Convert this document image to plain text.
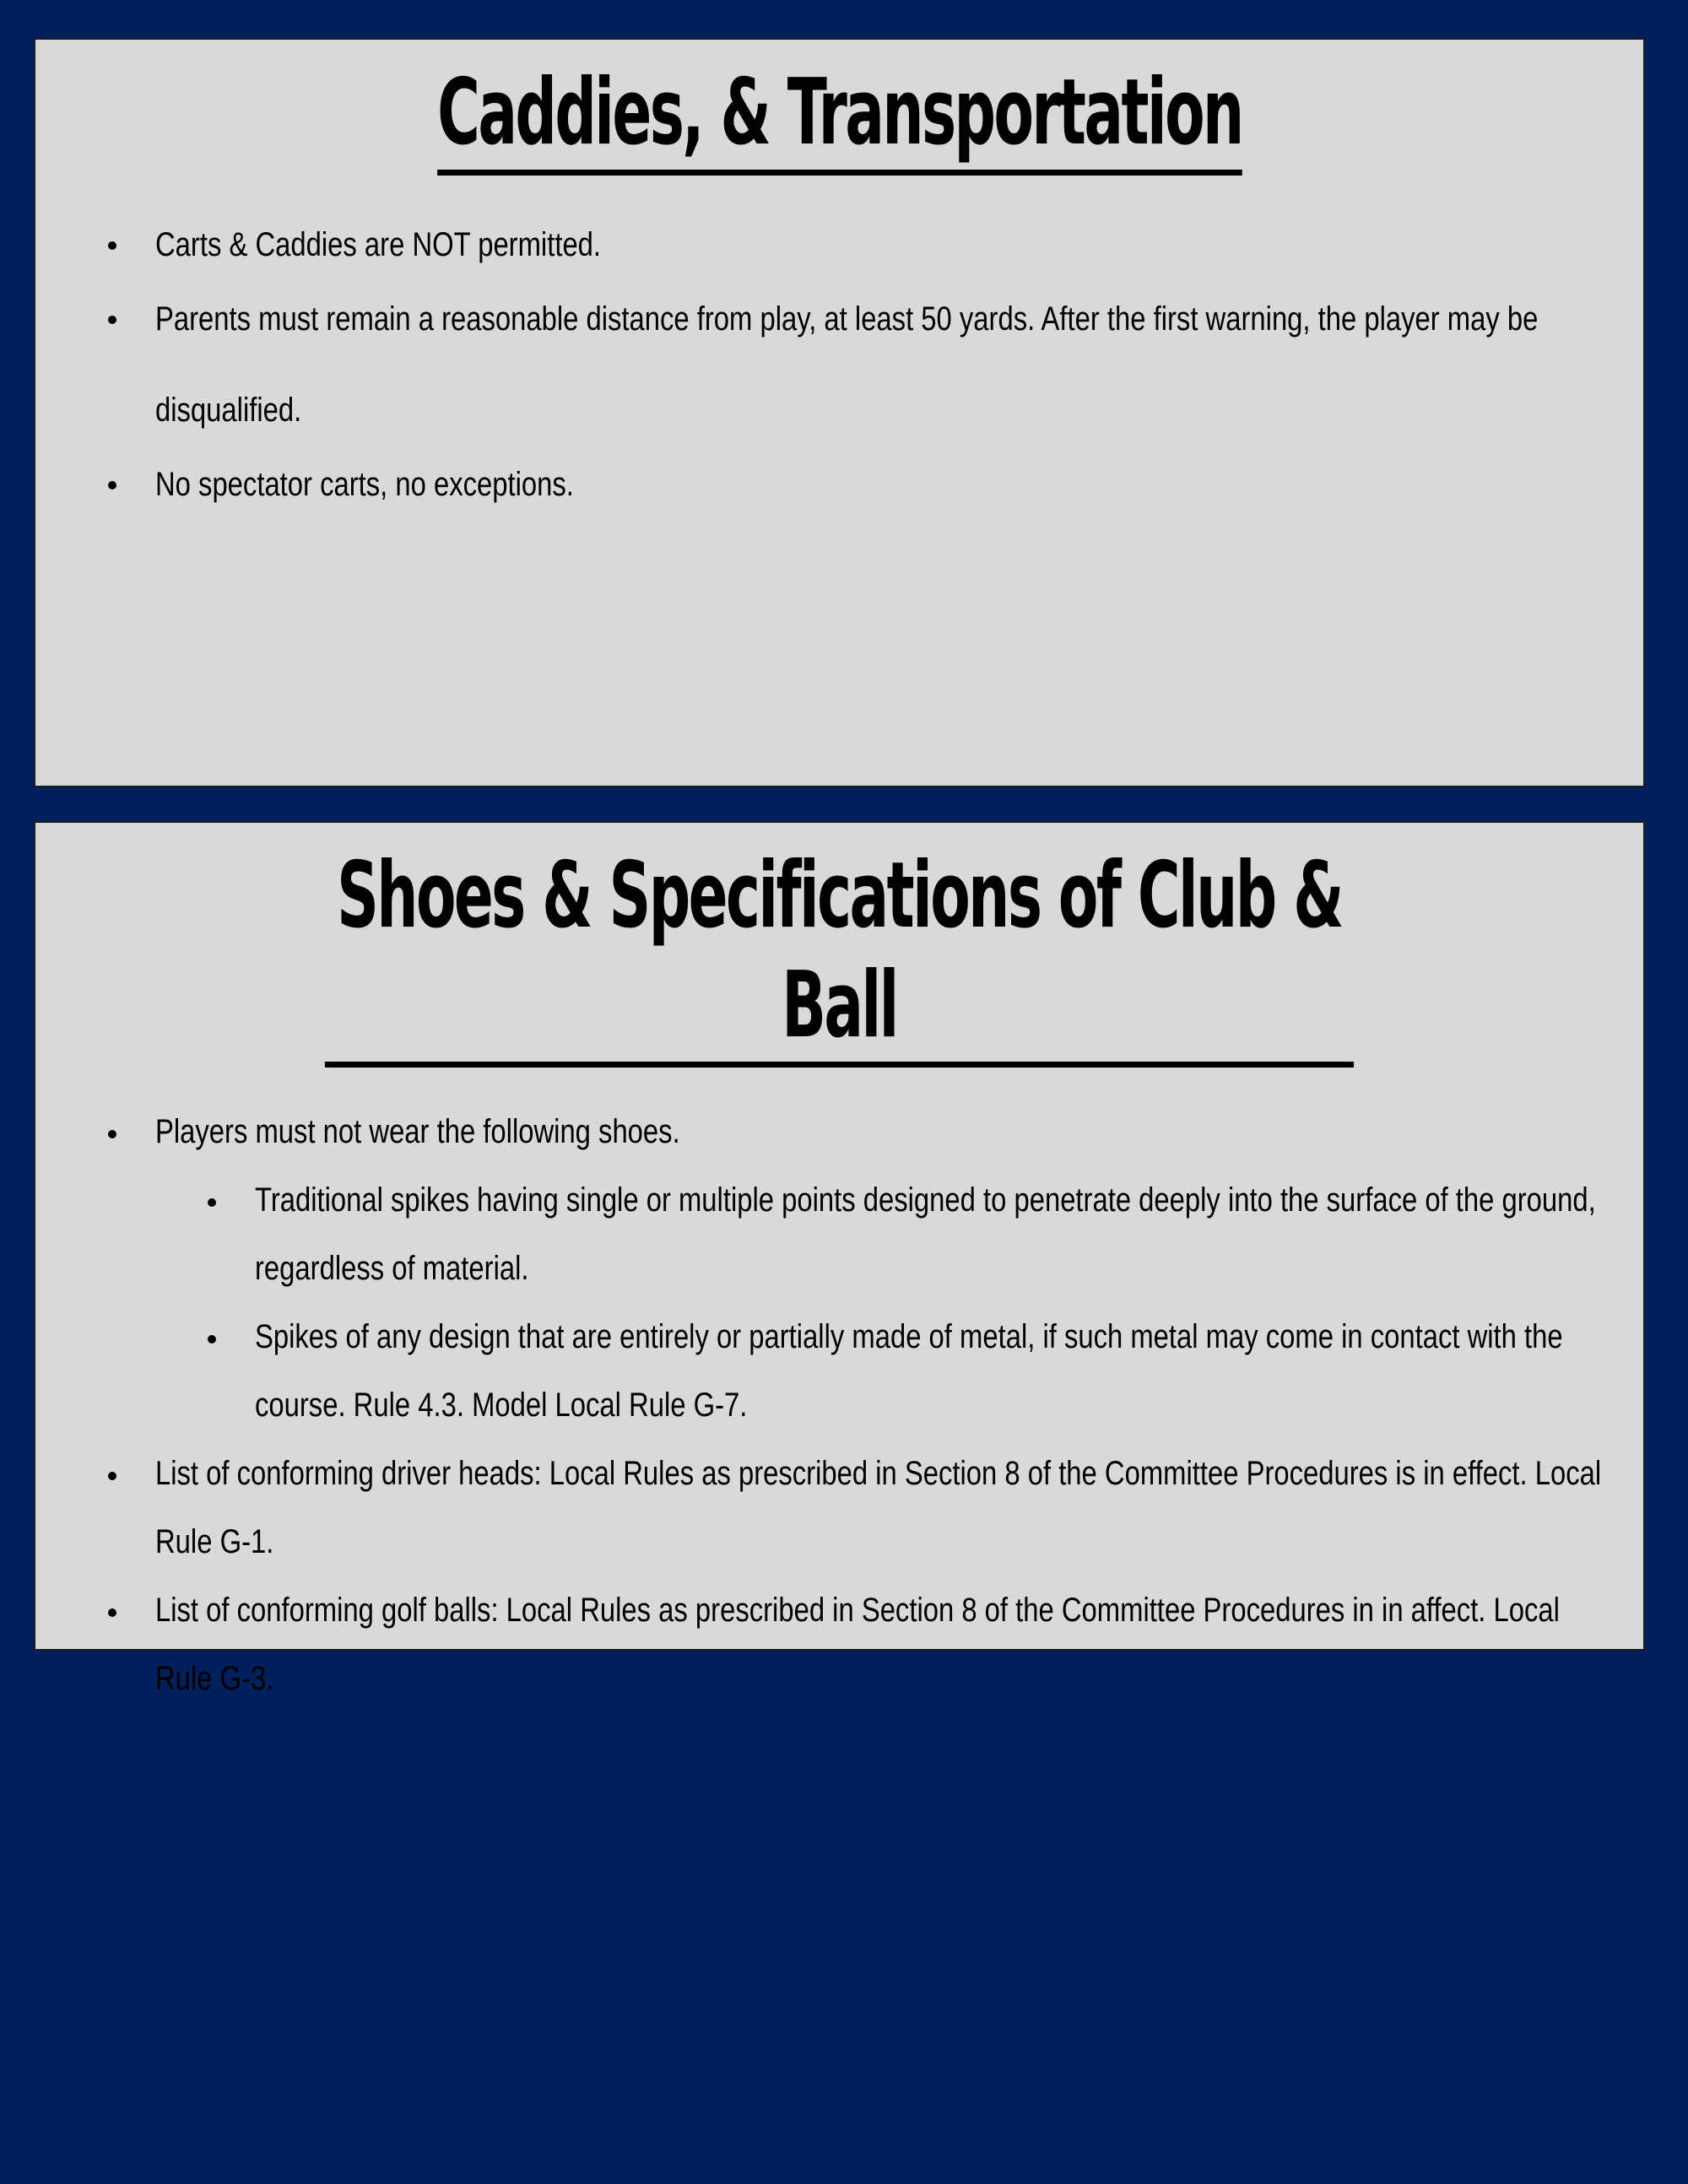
Caddies, & Transportation
Carts & Caddies are NOT permitted.
Parents must remain a reasonable distance from play, at least 50 yards. After the first warning, the player may be disqualified.
No spectator carts, no exceptions.
Shoes & Specifications of Club & Ball
Players must not wear the following shoes.
Traditional spikes having single or multiple points designed to penetrate deeply into the surface of the ground, regardless of material.
Spikes of any design that are entirely or partially made of metal, if such metal may come in contact with the course. Rule 4.3. Model Local Rule G-7.
List of conforming driver heads: Local Rules as prescribed in Section 8 of the Committee Procedures is in effect. Local Rule G-1.
List of conforming golf balls: Local Rules as prescribed in Section 8 of the Committee Procedures in in affect. Local Rule G-3.
